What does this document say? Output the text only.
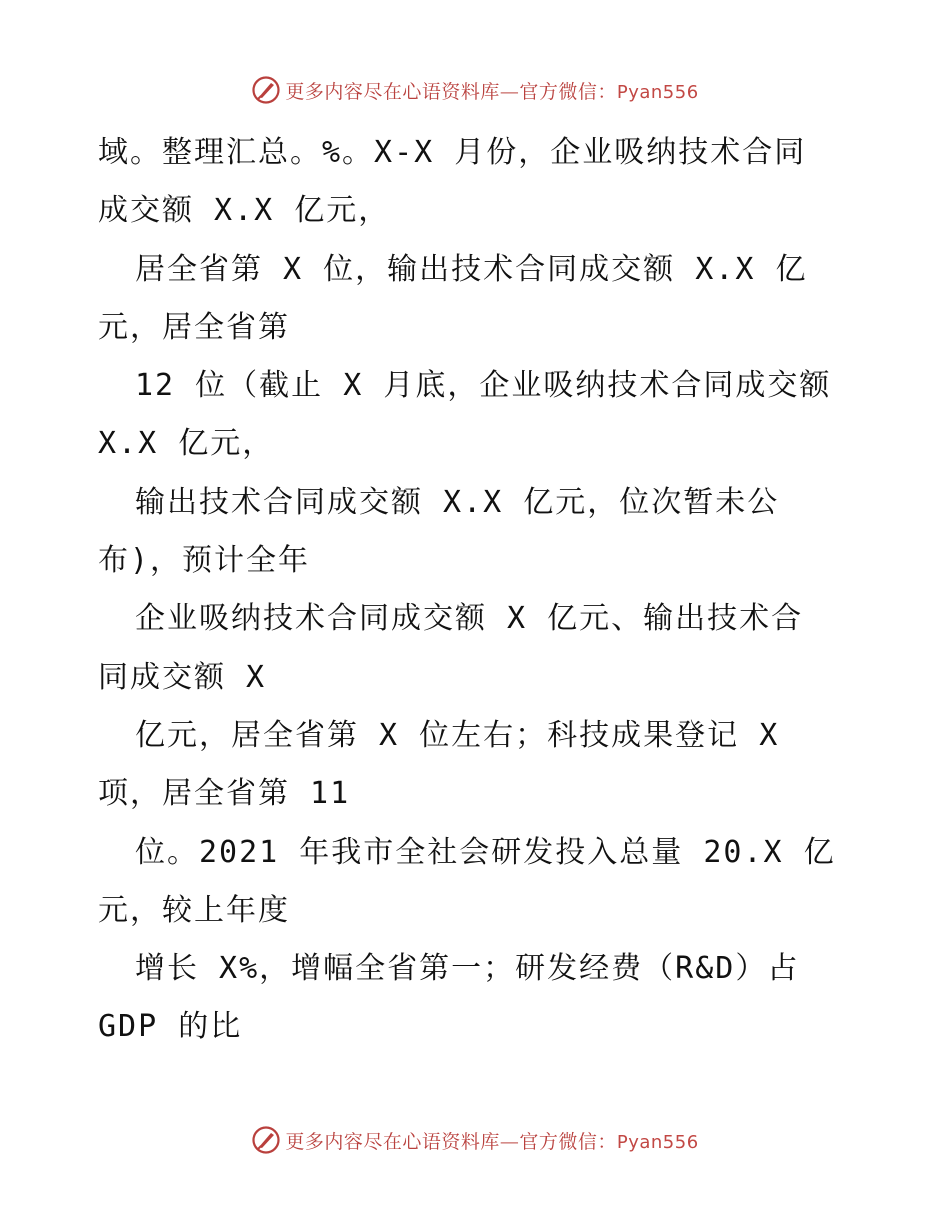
更多内容尽在心语资料库—官方微信：Pyan556
域。整理汇总。%。X-X 月份，企业吸纳技术合同
成交额 X.X 亿元，
居全省第 X 位，输出技术合同成交额 X.X 亿
元，居全省第
12 位（截止 X 月底，企业吸纳技术合同成交额
X.X 亿元，
输出技术合同成交额 X.X 亿元，位次暂未公
布)，预计全年
企业吸纳技术合同成交额 X 亿元、输出技术合
同成交额 X
亿元，居全省第 X 位左右；科技成果登记 X
项，居全省第 11
位。2021 年我市全社会研发投入总量 20.X 亿
元，较上年度
增长 X%，增幅全省第一；研发经费（R&D）占
GDP 的比
更多内容尽在心语资料库—官方微信：Pyan556
